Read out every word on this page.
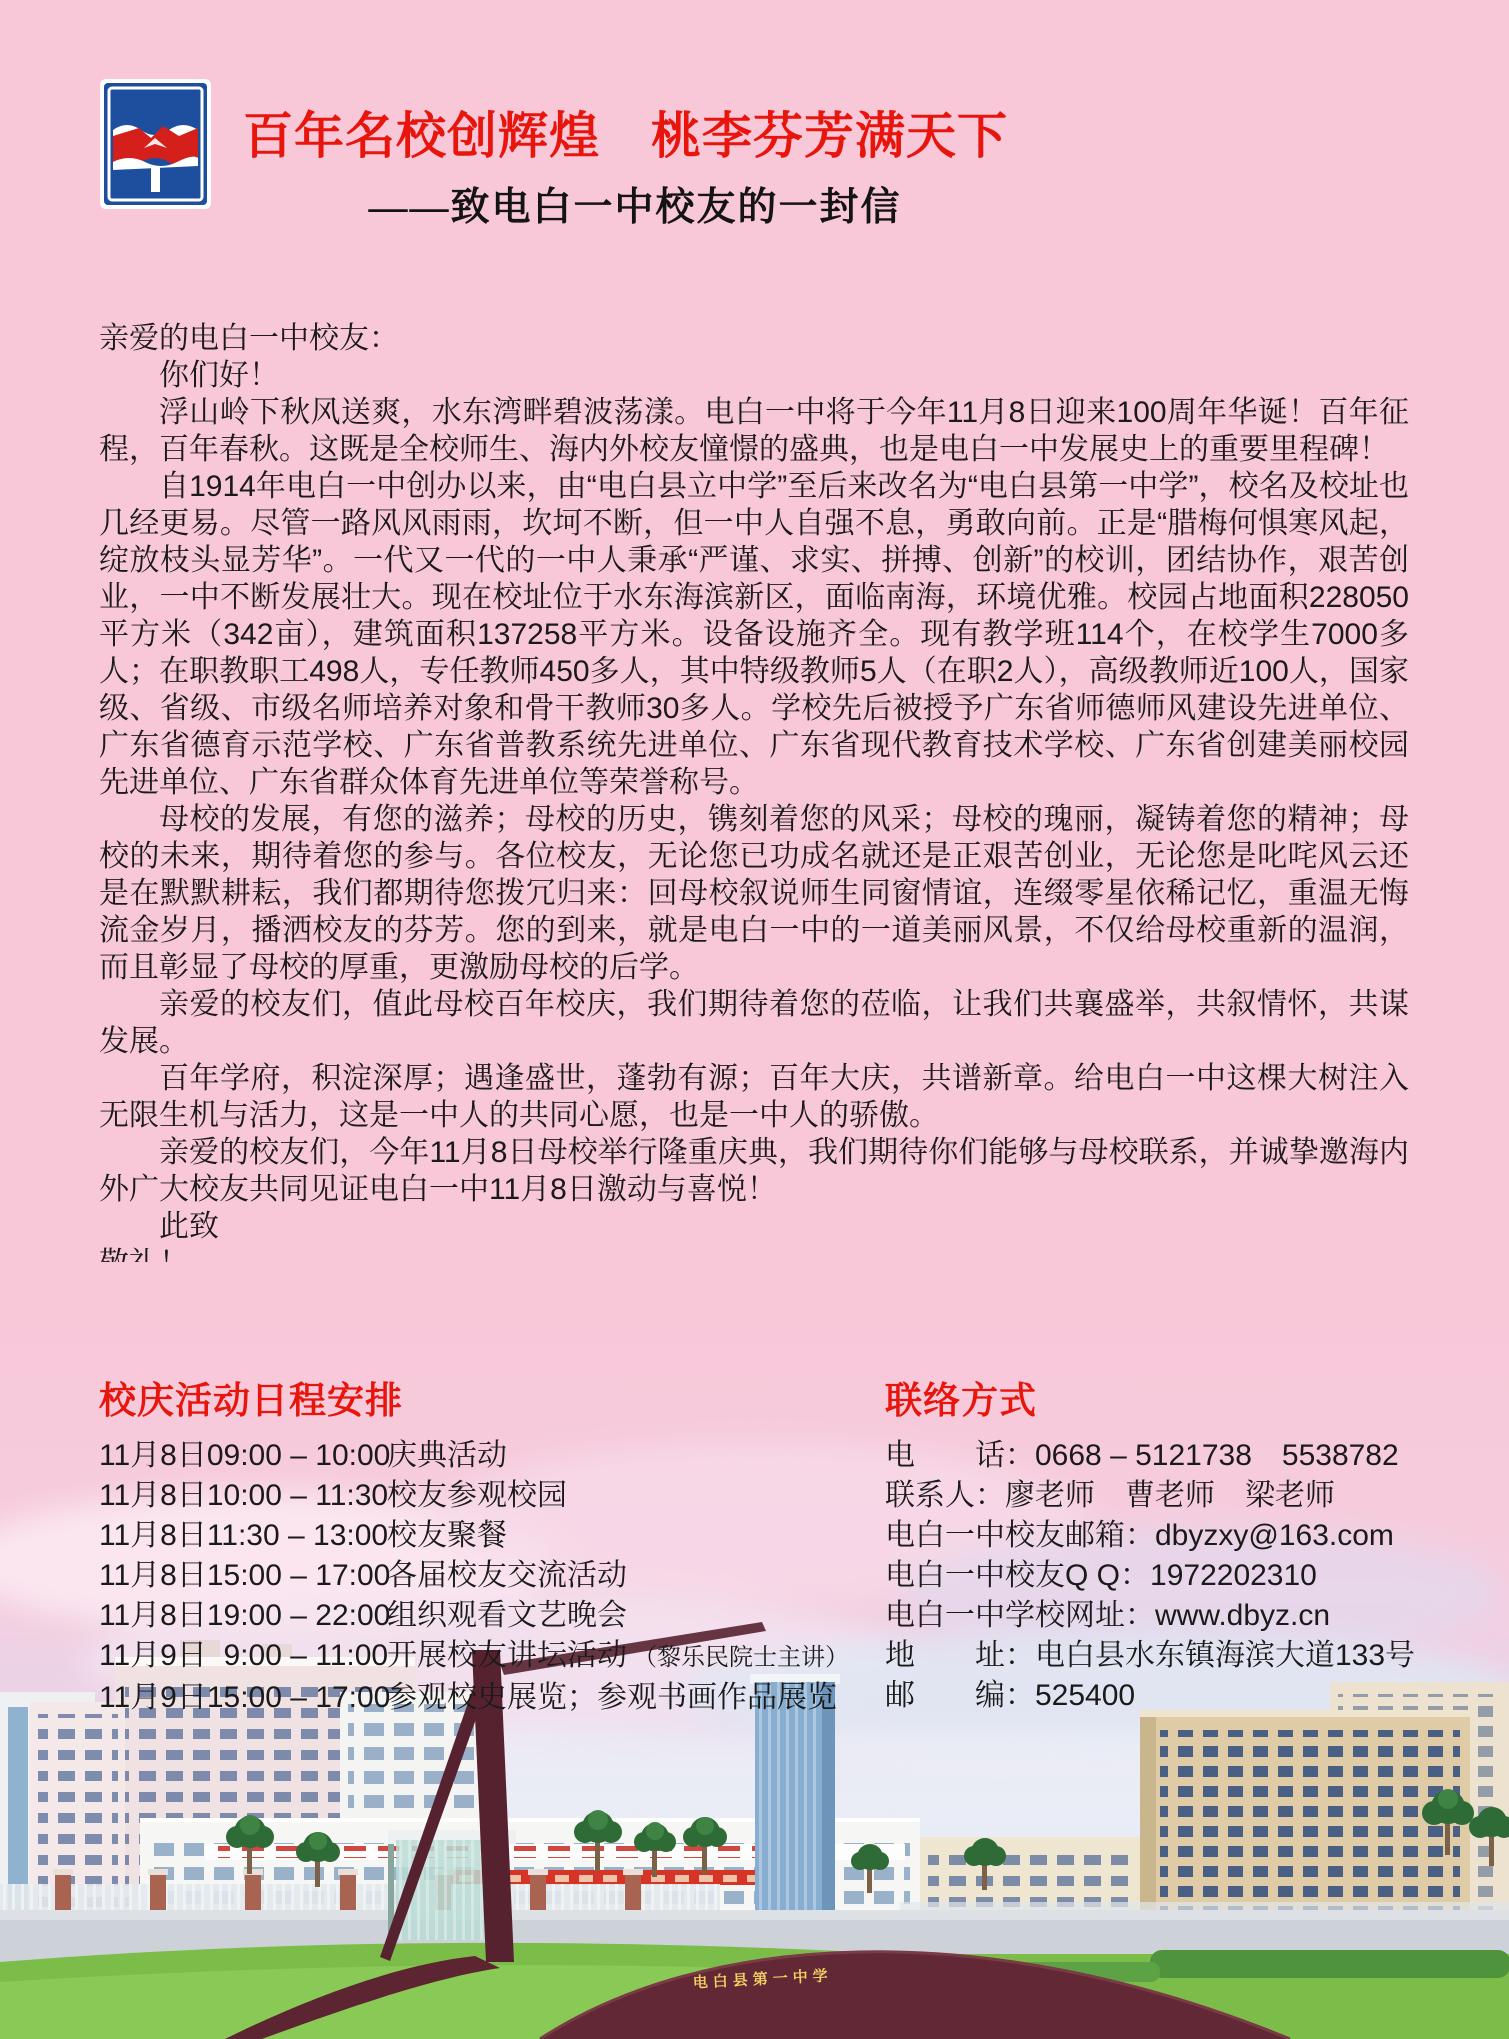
百年名校创辉煌　桃李芬芳满天下
——致电白一中校友的一封信

亲爱的电白一中校友：

你们好！

浮山岭下秋风送爽，水东湾畔碧波荡漾。电白一中将于今年11月8日迎来100周年华诞！百年征程，百年春秋。这既是全校师生、海内外校友憧憬的盛典，也是电白一中发展史上的重要里程碑！

自1914年电白一中创办以来，由“电白县立中学”至后来改名为“电白县第一中学”，校名及校址也几经更易。尽管一路风风雨雨，坎坷不断，但一中人自强不息，勇敢向前。正是“腊梅何惧寒风起，绽放枝头显芳华”。一代又一代的一中人秉承“严谨、求实、拼搏、创新”的校训，团结协作，艰苦创业，一中不断发展壮大。现在校址位于水东海滨新区，面临南海，环境优雅。校园占地面积228050平方米（342亩），建筑面积137258平方米。设备设施齐全。现有教学班114个，在校学生7000多人；在职教职工498人，专任教师450多人，其中特级教师5人（在职2人），高级教师近100人，国家级、省级、市级名师培养对象和骨干教师30多人。学校先后被授予广东省师德师风建设先进单位、广东省德育示范学校、广东省普教系统先进单位、广东省现代教育技术学校、广东省创建美丽校园先进单位、广东省群众体育先进单位等荣誉称号。

母校的发展，有您的滋养；母校的历史，镌刻着您的风采；母校的瑰丽，凝铸着您的精神；母校的未来，期待着您的参与。各位校友，无论您已功成名就还是正艰苦创业，无论您是叱咤风云还是在默默耕耘，我们都期待您拨冗归来：回母校叙说师生同窗情谊，连缀零星依稀记忆，重温无悔流金岁月，播洒校友的芬芳。您的到来，就是电白一中的一道美丽风景，不仅给母校重新的温润，而且彰显了母校的厚重，更激励母校的后学。

亲爱的校友们，值此母校百年校庆，我们期待着您的莅临，让我们共襄盛举，共叙情怀，共谋发展。

百年学府，积淀深厚；遇逢盛世，蓬勃有源；百年大庆，共谱新章。给电白一中这棵大树注入无限生机与活力，这是一中人的共同心愿，也是一中人的骄傲。

亲爱的校友们，今年11月8日母校举行隆重庆典，我们期待你们能够与母校联系，并诚挚邀海内外广大校友共同见证电白一中11月8日激动与喜悦！

此致

电白县第一中学
校庆活动日程安排
11月8日09:00 – 10:00
庆典活动
11月8日10:00 – 11:30
校友参观校园
11月8日11:30 – 13:00
校友聚餐
11月8日15:00 – 17:00
各届校友交流活动
11月8日19:00 – 22:00
组织观看文艺晚会
11月9日  9:00 – 11:00
开展校友讲坛活动 （黎乐民院士主讲）
11月9日15:00 – 17:00
参观校史展览；参观书画作品展览
联络方式
电　　话：0668 – 5121738　5538782
联系人：廖老师　曹老师　梁老师
电白一中校友邮箱：dbyzxy@163.com
电白一中校友Q Q：1972202310
电白一中学校网址：www.dbyz.cn
地　　址：电白县水东镇海滨大道133号
邮　　编：525400
